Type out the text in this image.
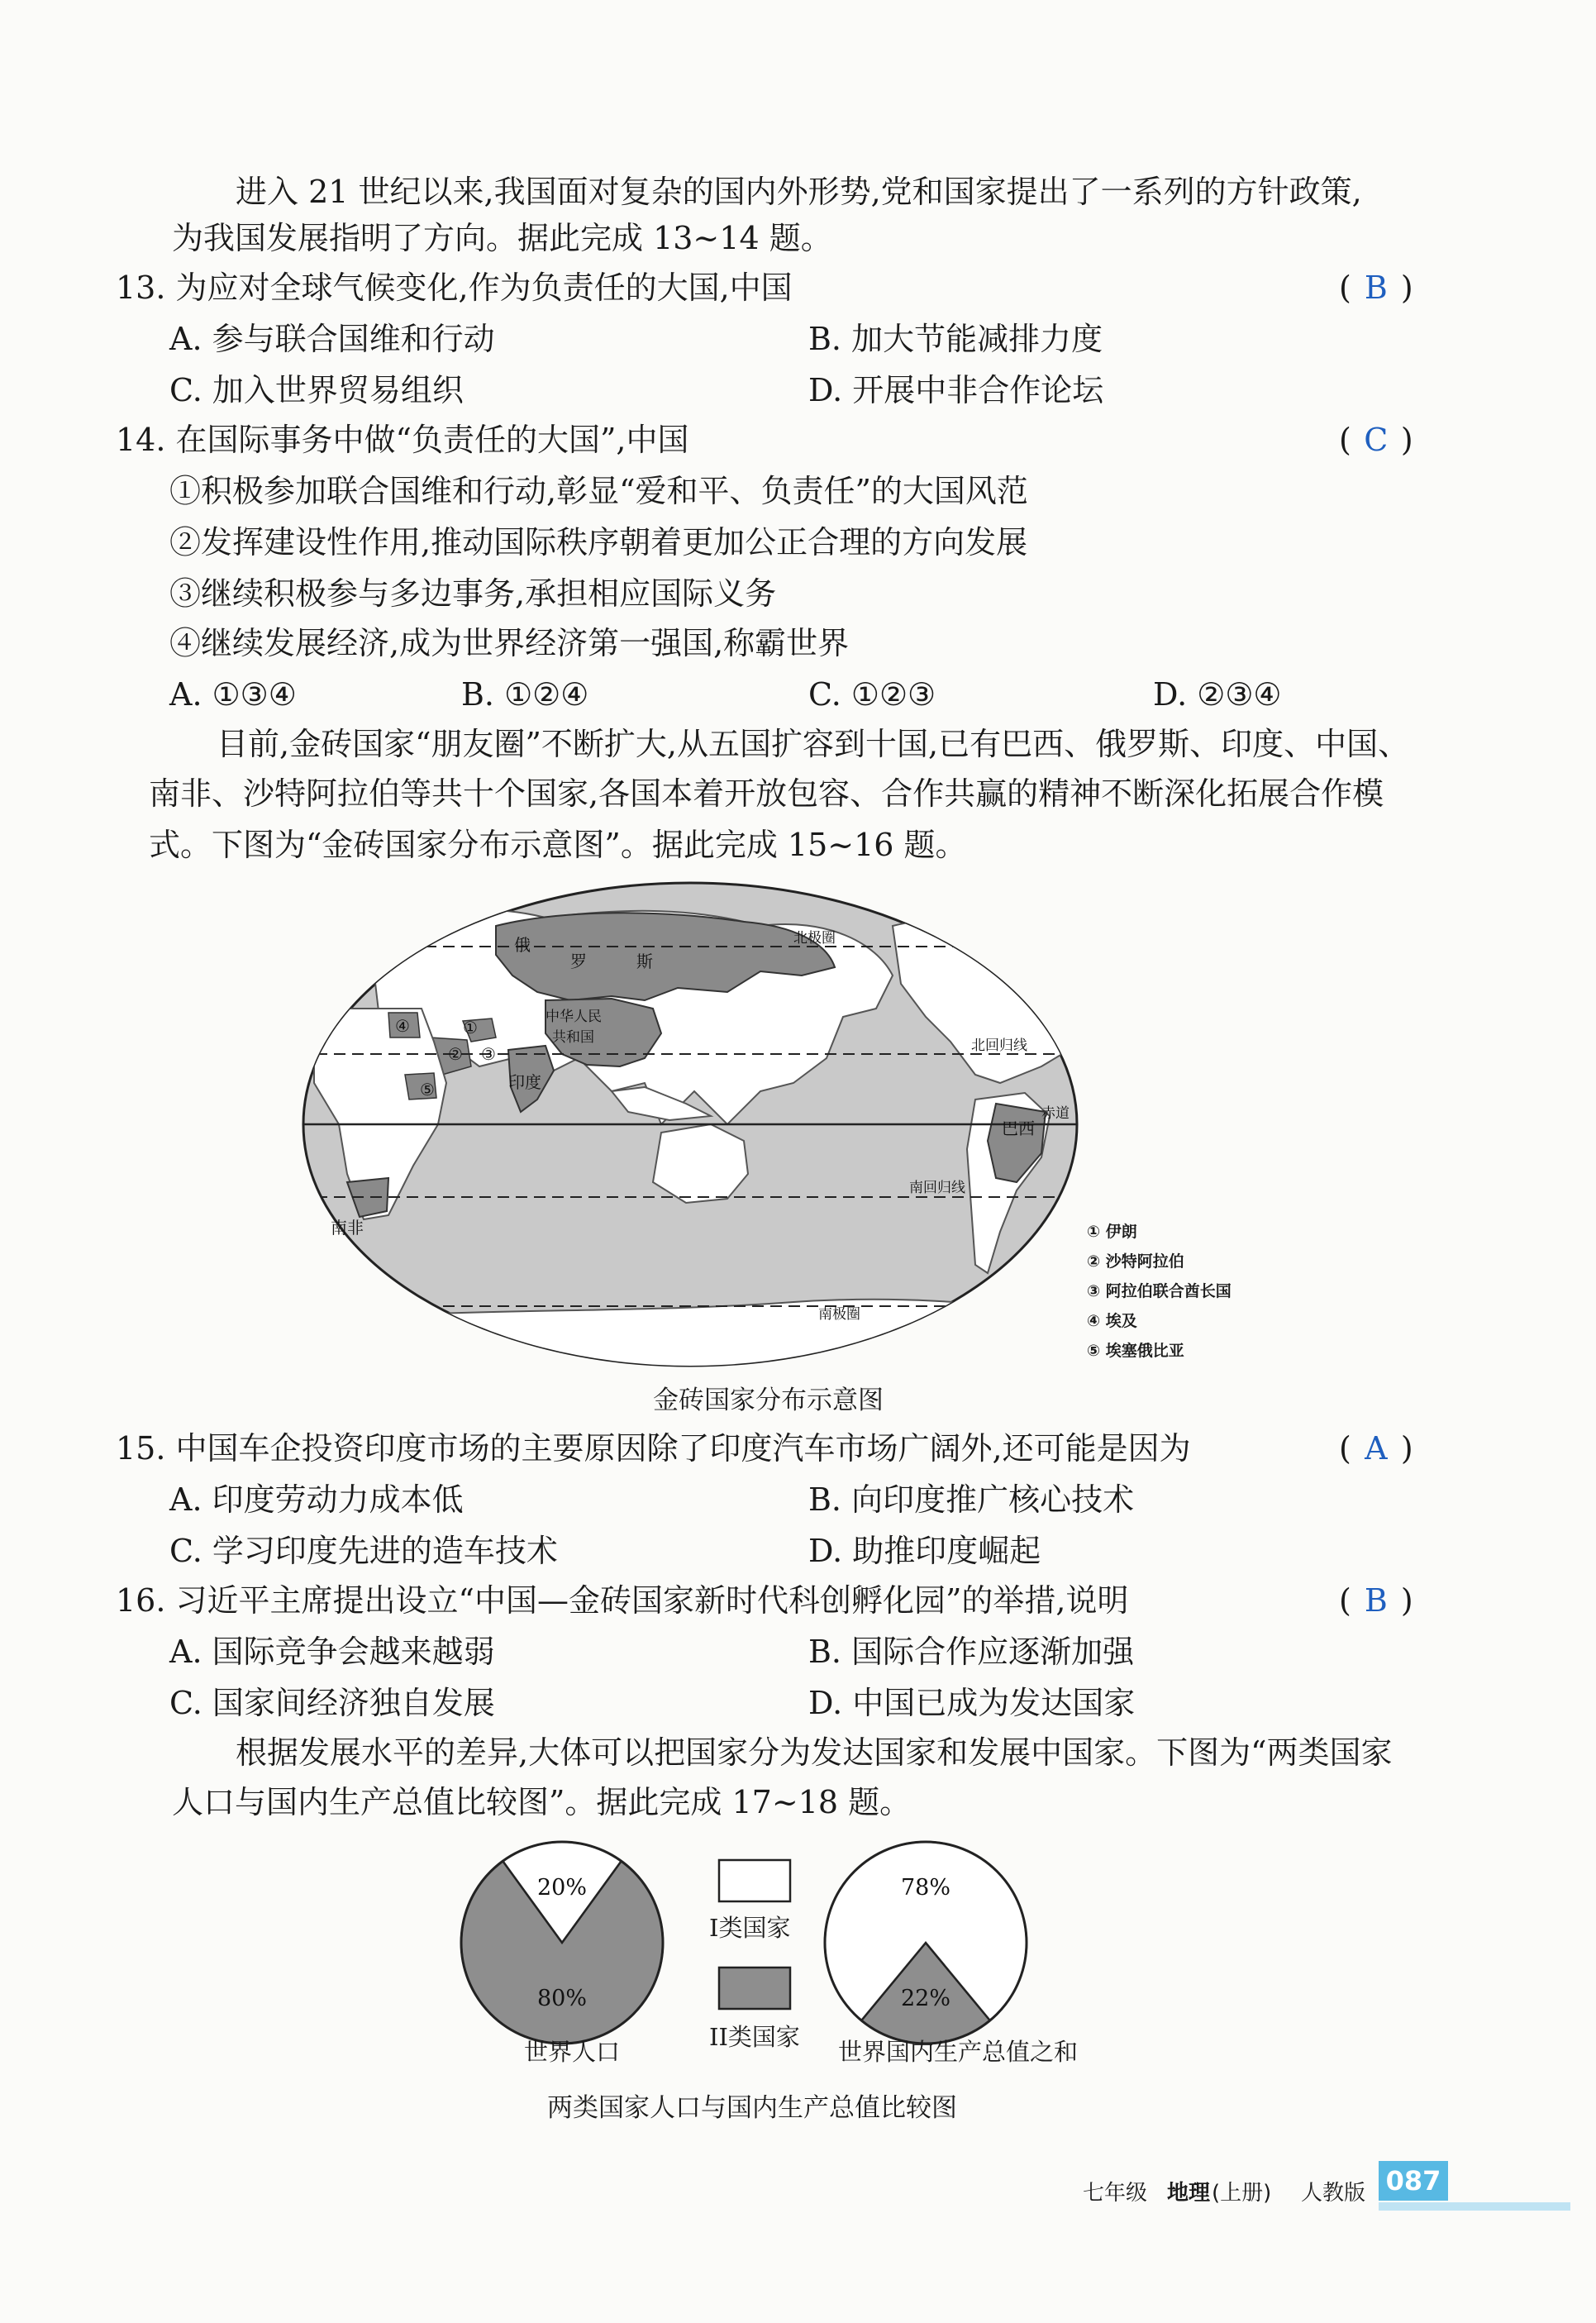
进入 21 世纪以来,我国面对复杂的国内外形势,党和国家提出了一系列的方针政策,
为我国发展指明了方向。据此完成 13~14 题。
13. 为应对全球气候变化,作为负责任的大国,中国	( B )
A. 参与联合国维和行动	B. 加大节能减排力度
C. 加入世界贸易组织	D. 开展中非合作论坛
14. 在国际事务中做“负责任的大国”,中国	( C )
①积极参加联合国维和行动,彰显“爱和平、负责任”的大国风范
②发挥建设性作用,推动国际秩序朝着更加公正合理的方向发展
③继续积极参与多边事务,承担相应国际义务
④继续发展经济,成为世界经济第一强国,称霸世界
A. ①③④	B. ①②④	C. ①②③	D. ②③④
目前,金砖国家“朋友圈”不断扩大,从五国扩容到十国,已有巴西、俄罗斯、印度、中国、
南非、沙特阿拉伯等共十个国家,各国本着开放包容、合作共赢的精神不断深化拓展合作模
式。下图为“金砖国家分布示意图”。据此完成 15~16 题。
俄
罗	斯
中华人民
共和国
印度
巴西
南非
北极圈
北回归线
赤道
南回归线
南极圈
①
② ③
④
⑤
① 伊朗
② 沙特阿拉伯
③ 阿拉伯联合酋长国
④ 埃及
⑤ 埃塞俄比亚
金砖国家分布示意图
15. 中国车企投资印度市场的主要原因除了印度汽车市场广阔外,还可能是因为	( A )
A. 印度劳动力成本低	B. 向印度推广核心技术
C. 学习印度先进的造车技术	D. 助推印度崛起
16. 习近平主席提出设立“中国—金砖国家新时代科创孵化园”的举措,说明	( B )
A. 国际竞争会越来越弱	B. 国际合作应逐渐加强
C. 国家间经济独自发展	D. 中国已成为发达国家
根据发展水平的差异,大体可以把国家分为发达国家和发展中国家。下图为“两类国家
人口与国内生产总值比较图”。据此完成 17~18 题。
20%
80%	22%
78%
I类国家
II类国家
世界人口	世界国内生产总值之和
两类国家人口与国内生产总值比较图
七年级 地理 (上册) 人教版 087
